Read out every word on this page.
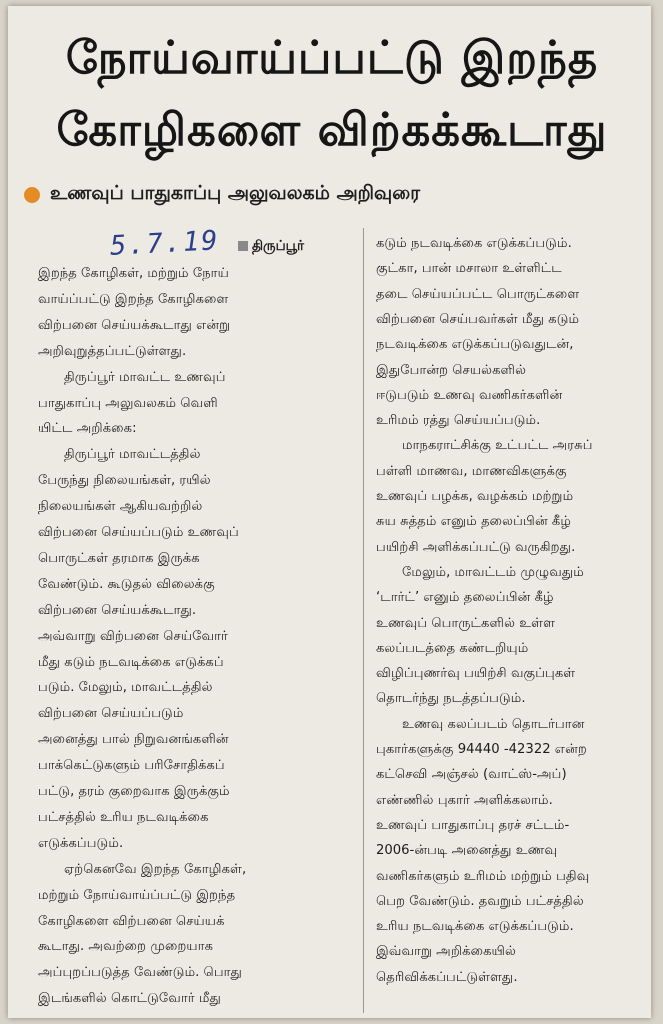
நோய்வாய்ப்பட்டு இறந்த
கோழிகளை விற்கக்கூடாது
உணவுப் பாதுகாப்பு அலுவலகம் அறிவுரை
5.7.19	திருப்பூர்
இறந்த கோழிகள், மற்றும் நோய்
வாய்ப்பட்டு இறந்த கோழிகளை
விற்பனை செய்யக்கூடாது என்று
அறிவுறுத்தப்பட்டுள்ளது.
திருப்பூர் மாவட்ட உணவுப்
பாதுகாப்பு அலுவலகம் வெளி
யிட்ட அறிக்கை:
திருப்பூர் மாவட்டத்தில்
பேருந்து நிலையங்கள், ரயில்
நிலையங்கள் ஆகியவற்றில்
விற்பனை செய்யப்படும் உணவுப்
பொருட்கள் தரமாக இருக்க
வேண்டும். கூடுதல் விலைக்கு
விற்பனை செய்யக்கூடாது.
அவ்வாறு விற்பனை செய்வோர்
மீது கடும் நடவடிக்கை எடுக்கப்
படும். மேலும், மாவட்டத்தில்
விற்பனை செய்யப்படும்
அனைத்து பால் நிறுவனங்களின்
பாக்கெட்டுகளும் பரிசோதிக்கப்
பட்டு, தரம் குறைவாக இருக்கும்
பட்சத்தில் உரிய நடவடிக்கை
எடுக்கப்படும்.
ஏற்கெனவே இறந்த கோழிகள்,
மற்றும் நோய்வாய்ப்பட்டு இறந்த
கோழிகளை விற்பனை செய்யக்
கூடாது. அவற்றை முறையாக
அப்புறப்படுத்த வேண்டும். பொது
இடங்களில் கொட்டுவோர் மீது
கடும் நடவடிக்கை எடுக்கப்படும்.
குட்கா, பான் மசாலா உள்ளிட்ட
தடை செய்யப்பட்ட பொருட்களை
விற்பனை செய்பவர்கள் மீது கடும்
நடவடிக்கை எடுக்கப்படுவதுடன்,
இதுபோன்ற செயல்களில்
ஈடுபடும் உணவு வணிகர்களின்
உரிமம் ரத்து செய்யப்படும்.
மாநகராட்சிக்கு உட்பட்ட அரசுப்
பள்ளி மாணவ, மாணவிகளுக்கு
உணவுப் பழக்க, வழக்கம் மற்றும்
சுய சுத்தம் எனும் தலைப்பின் கீழ்
பயிற்சி அளிக்கப்பட்டு வருகிறது.
மேலும், மாவட்டம் முழுவதும்
‘டார்ட்’ எனும் தலைப்பின் கீழ்
உணவுப் பொருட்களில் உள்ள
கலப்படத்தை கண்டறியும்
விழிப்புணர்வு பயிற்சி வகுப்புகள்
தொடர்ந்து நடத்தப்படும்.
உணவு கலப்படம் தொடர்பான
புகார்களுக்கு 94440 -42322 என்ற
கட்செவி அஞ்சல் (வாட்ஸ்-அப்)
எண்ணில் புகார் அளிக்கலாம்.
உணவுப் பாதுகாப்பு தரச் சட்டம்-
2006-ன்படி அனைத்து உணவு
வணிகர்களும் உரிமம் மற்றும் பதிவு
பெற வேண்டும். தவறும் பட்சத்தில்
உரிய நடவடிக்கை எடுக்கப்படும்.
இவ்வாறு அறிக்கையில்
தெரிவிக்கப்பட்டுள்ளது.
